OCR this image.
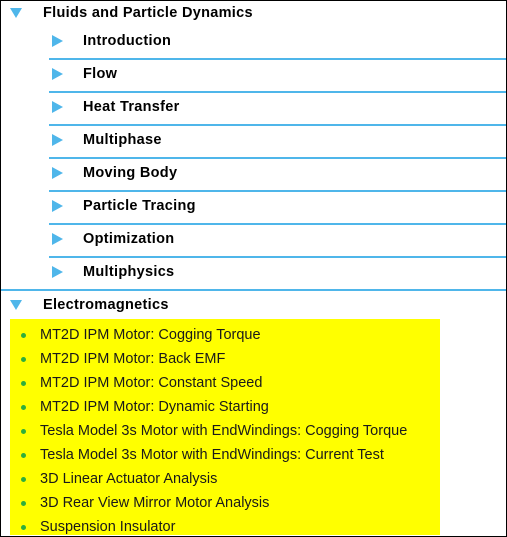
Fluids and Particle Dynamics
Introduction
Flow
Heat Transfer
Multiphase
Moving Body
Particle Tracing
Optimization
Multiphysics
Electromagnetics
MT2D IPM Motor: Cogging Torque
MT2D IPM Motor: Back EMF
MT2D IPM Motor: Constant Speed
MT2D IPM Motor: Dynamic Starting
Tesla Model 3s Motor with EndWindings: Cogging Torque
Tesla Model 3s Motor with EndWindings: Current Test
3D Linear Actuator Analysis
3D Rear View Mirror Motor Analysis
Suspension Insulator
